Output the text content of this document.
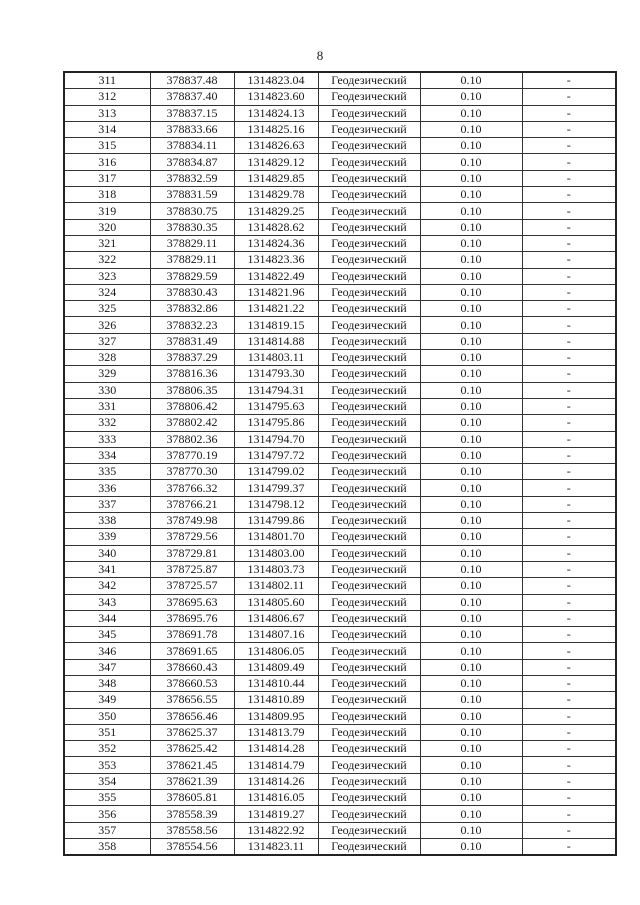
8
311	378837.48	1314823.04	Геодезический	0.10	-
312	378837.40	1314823.60	Геодезический	0.10	-
313	378837.15	1314824.13	Геодезический	0.10	-
314	378833.66	1314825.16	Геодезический	0.10	-
315	378834.11	1314826.63	Геодезический	0.10	-
316	378834.87	1314829.12	Геодезический	0.10	-
317	378832.59	1314829.85	Геодезический	0.10	-
318	378831.59	1314829.78	Геодезический	0.10	-
319	378830.75	1314829.25	Геодезический	0.10	-
320	378830.35	1314828.62	Геодезический	0.10	-
321	378829.11	1314824.36	Геодезический	0.10	-
322	378829.11	1314823.36	Геодезический	0.10	-
323	378829.59	1314822.49	Геодезический	0.10	-
324	378830.43	1314821.96	Геодезический	0.10	-
325	378832.86	1314821.22	Геодезический	0.10	-
326	378832.23	1314819.15	Геодезический	0.10	-
327	378831.49	1314814.88	Геодезический	0.10	-
328	378837.29	1314803.11	Геодезический	0.10	-
329	378816.36	1314793.30	Геодезический	0.10	-
330	378806.35	1314794.31	Геодезический	0.10	-
331	378806.42	1314795.63	Геодезический	0.10	-
332	378802.42	1314795.86	Геодезический	0.10	-
333	378802.36	1314794.70	Геодезический	0.10	-
334	378770.19	1314797.72	Геодезический	0.10	-
335	378770.30	1314799.02	Геодезический	0.10	-
336	378766.32	1314799.37	Геодезический	0.10	-
337	378766.21	1314798.12	Геодезический	0.10	-
338	378749.98	1314799.86	Геодезический	0.10	-
339	378729.56	1314801.70	Геодезический	0.10	-
340	378729.81	1314803.00	Геодезический	0.10	-
341	378725.87	1314803.73	Геодезический	0.10	-
342	378725.57	1314802.11	Геодезический	0.10	-
343	378695.63	1314805.60	Геодезический	0.10	-
344	378695.76	1314806.67	Геодезический	0.10	-
345	378691.78	1314807.16	Геодезический	0.10	-
346	378691.65	1314806.05	Геодезический	0.10	-
347	378660.43	1314809.49	Геодезический	0.10	-
348	378660.53	1314810.44	Геодезический	0.10	-
349	378656.55	1314810.89	Геодезический	0.10	-
350	378656.46	1314809.95	Геодезический	0.10	-
351	378625.37	1314813.79	Геодезический	0.10	-
352	378625.42	1314814.28	Геодезический	0.10	-
353	378621.45	1314814.79	Геодезический	0.10	-
354	378621.39	1314814.26	Геодезический	0.10	-
355	378605.81	1314816.05	Геодезический	0.10	-
356	378558.39	1314819.27	Геодезический	0.10	-
357	378558.56	1314822.92	Геодезический	0.10	-
358	378554.56	1314823.11	Геодезический	0.10	-
